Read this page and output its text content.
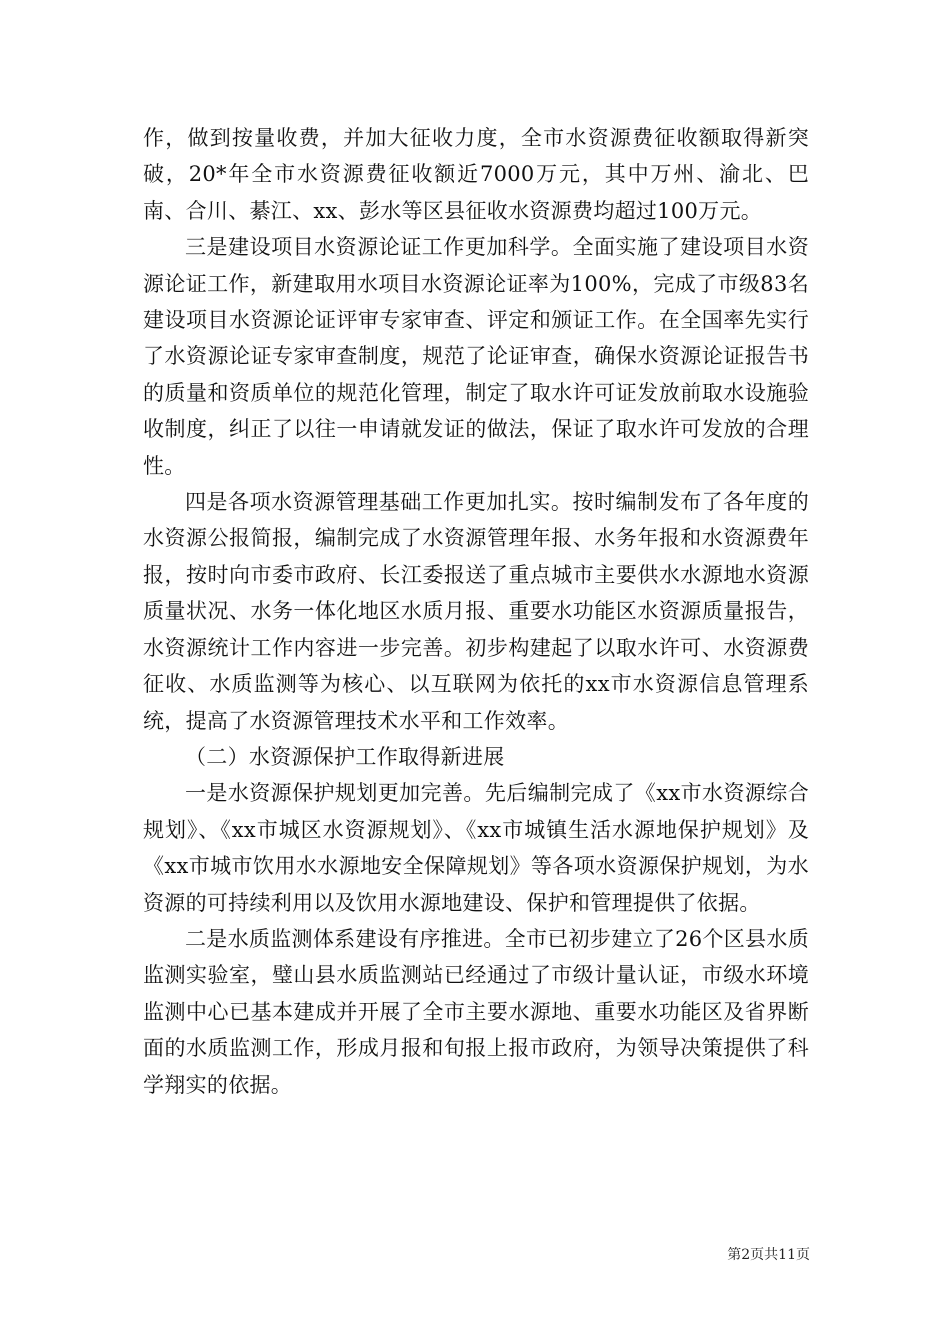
作，做到按量收费，并加大征收力度，全市水资源费征收额取得新突破，20*年全市水资源费征收额近7000万元，其中万州、渝北、巴南、合川、綦江、xx、彭水等区县征收水资源费均超过100万元。

三是建设项目水资源论证工作更加科学。全面实施了建设项目水资源论证工作，新建取用水项目水资源论证率为100%，完成了市级83名建设项目水资源论证评审专家审查、评定和颁证工作。在全国率先实行了水资源论证专家审查制度，规范了论证审查，确保水资源论证报告书的质量和资质单位的规范化管理，制定了取水许可证发放前取水设施验收制度，纠正了以往一申请就发证的做法，保证了取水许可发放的合理性。

四是各项水资源管理基础工作更加扎实。按时编制发布了各年度的水资源公报简报，编制完成了水资源管理年报、水务年报和水资源费年报，按时向市委市政府、长江委报送了重点城市主要供水水源地水资源质量状况、水务一体化地区水质月报、重要水功能区水资源质量报告，水资源统计工作内容进一步完善。初步构建起了以取水许可、水资源费征收、水质监测等为核心、以互联网为依托的xx市水资源信息管理系统，提高了水资源管理技术水平和工作效率。

（二）水资源保护工作取得新进展

一是水资源保护规划更加完善。先后编制完成了《xx市水资源综合规划》、《xx市城区水资源规划》、《xx市城镇生活水源地保护规划》及《xx市城市饮用水水源地安全保障规划》等各项水资源保护规划，为水资源的可持续利用以及饮用水源地建设、保护和管理提供了依据。

二是水质监测体系建设有序推进。全市已初步建立了26个区县水质监测实验室，璧山县水质监测站已经通过了市级计量认证，市级水环境监测中心已基本建成并开展了全市主要水源地、重要水功能区及省界断面的水质监测工作，形成月报和旬报上报市政府，为领导决策提供了科学翔实的依据。

第2页共11页
